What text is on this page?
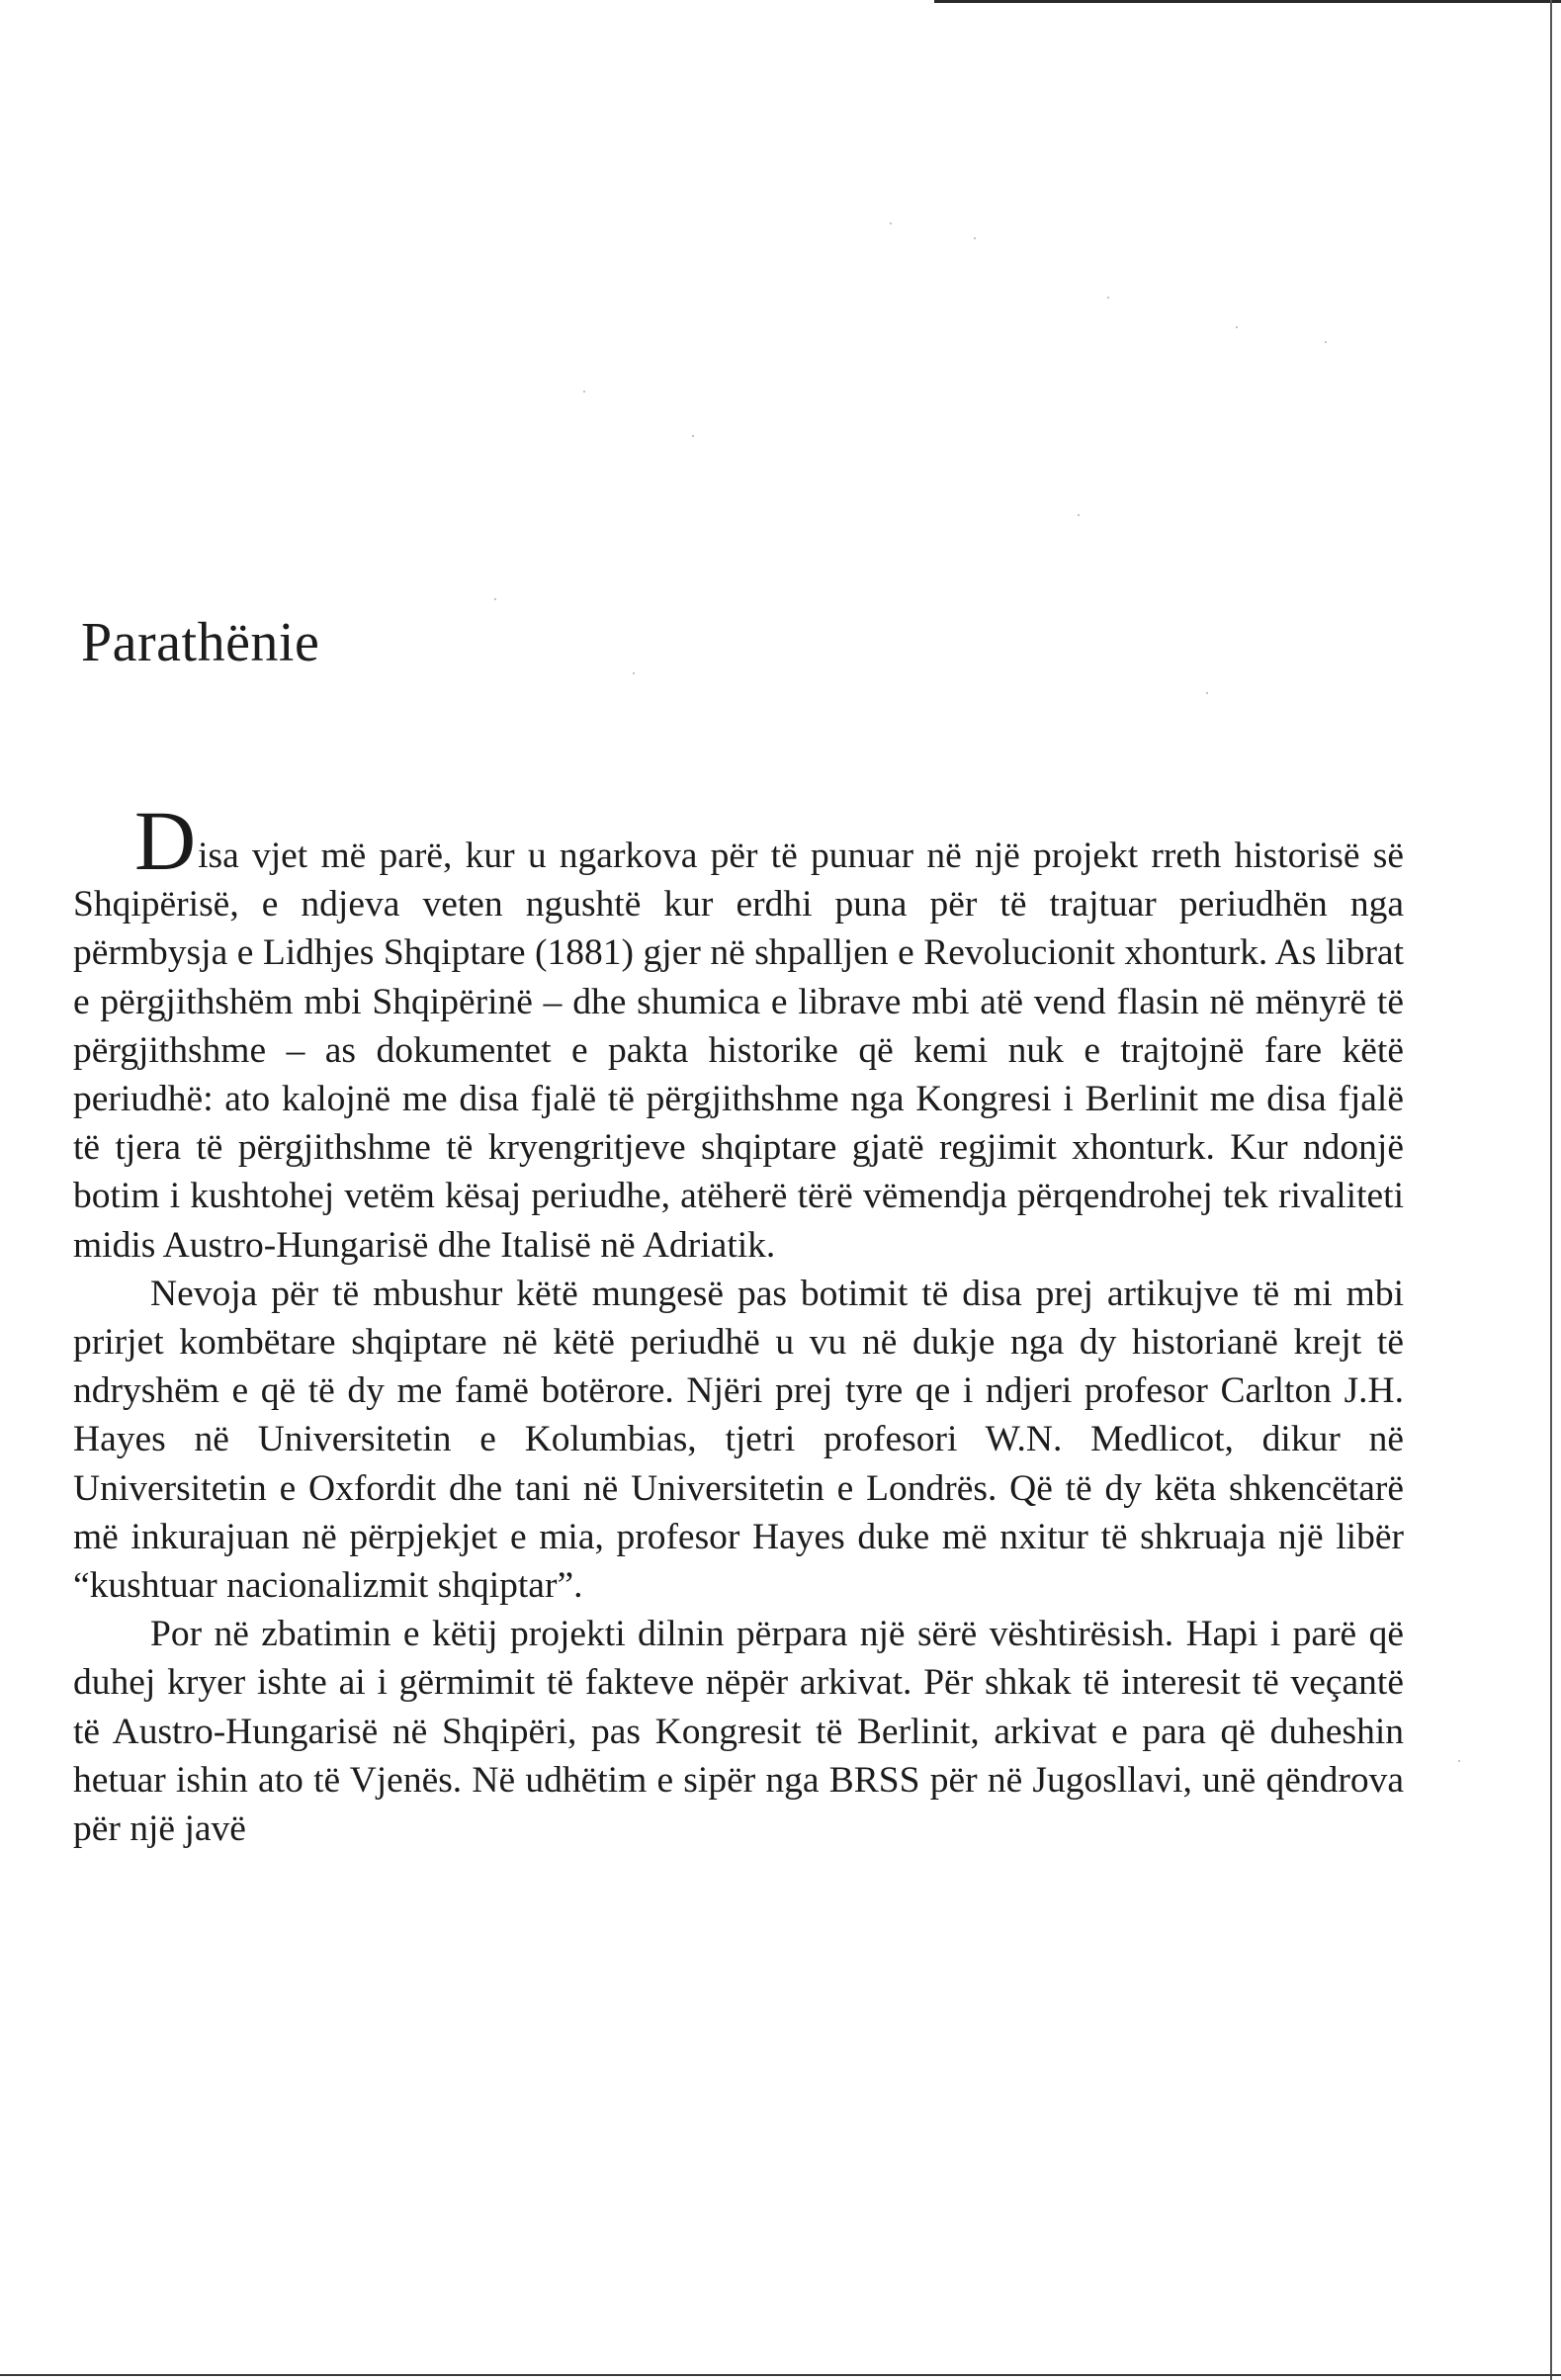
Parathënie

Disa vjet më parë, kur u ngarkova për të punuar në një projekt rreth historisë së Shqipërisë, e ndjeva veten ngushtë kur erdhi puna për të trajtuar periudhën nga përmbysja e Lidhjes Shqiptare (1881) gjer në shpalljen e Revolucionit xhonturk. As librat e përgjithshëm mbi Shqipërinë – dhe shumica e librave mbi atë vend flasin në mënyrë të përgjithshme – as dokumentet e pakta historike që kemi nuk e trajtojnë fare këtë periudhë: ato kalojnë me disa fjalë të përgjithshme nga Kongresi i Berlinit me disa fjalë të tjera të përgjithshme të kryengritjeve shqiptare gjatë regjimit xhonturk. Kur ndonjë botim i kushtohej vetëm kësaj periudhe, atëherë tërë vëmendja përqendrohej tek rivaliteti midis Austro-Hungarisë dhe Italisë në Adriatik.

Nevoja për të mbushur këtë mungesë pas botimit të disa prej artikujve të mi mbi prirjet kombëtare shqiptare në këtë periudhë u vu në dukje nga dy historianë krejt të ndryshëm e që të dy me famë botërore. Njëri prej tyre qe i ndjeri profesor Carlton J.H. Hayes në Universitetin e Kolumbias, tjetri profesori W.N. Medlicot, dikur në Universitetin e Oxfordit dhe tani në Universitetin e Londrës. Që të dy këta shkencëtarë më inkurajuan në përpjekjet e mia, profesor Hayes duke më nxitur të shkruaja një libër “kushtuar nacionalizmit shqiptar”.

Por në zbatimin e këtij projekti dilnin përpara një sërë vështirësish. Hapi i parë që duhej kryer ishte ai i gërmimit të fakteve nëpër arkivat. Për shkak të interesit të veçantë të Austro-Hungarisë në Shqipëri, pas Kongresit të Berlinit, arkivat e para që duheshin hetuar ishin ato të Vjenës. Në udhëtim e sipër nga BRSS për në Jugosllavi, unë qëndrova për një javë
